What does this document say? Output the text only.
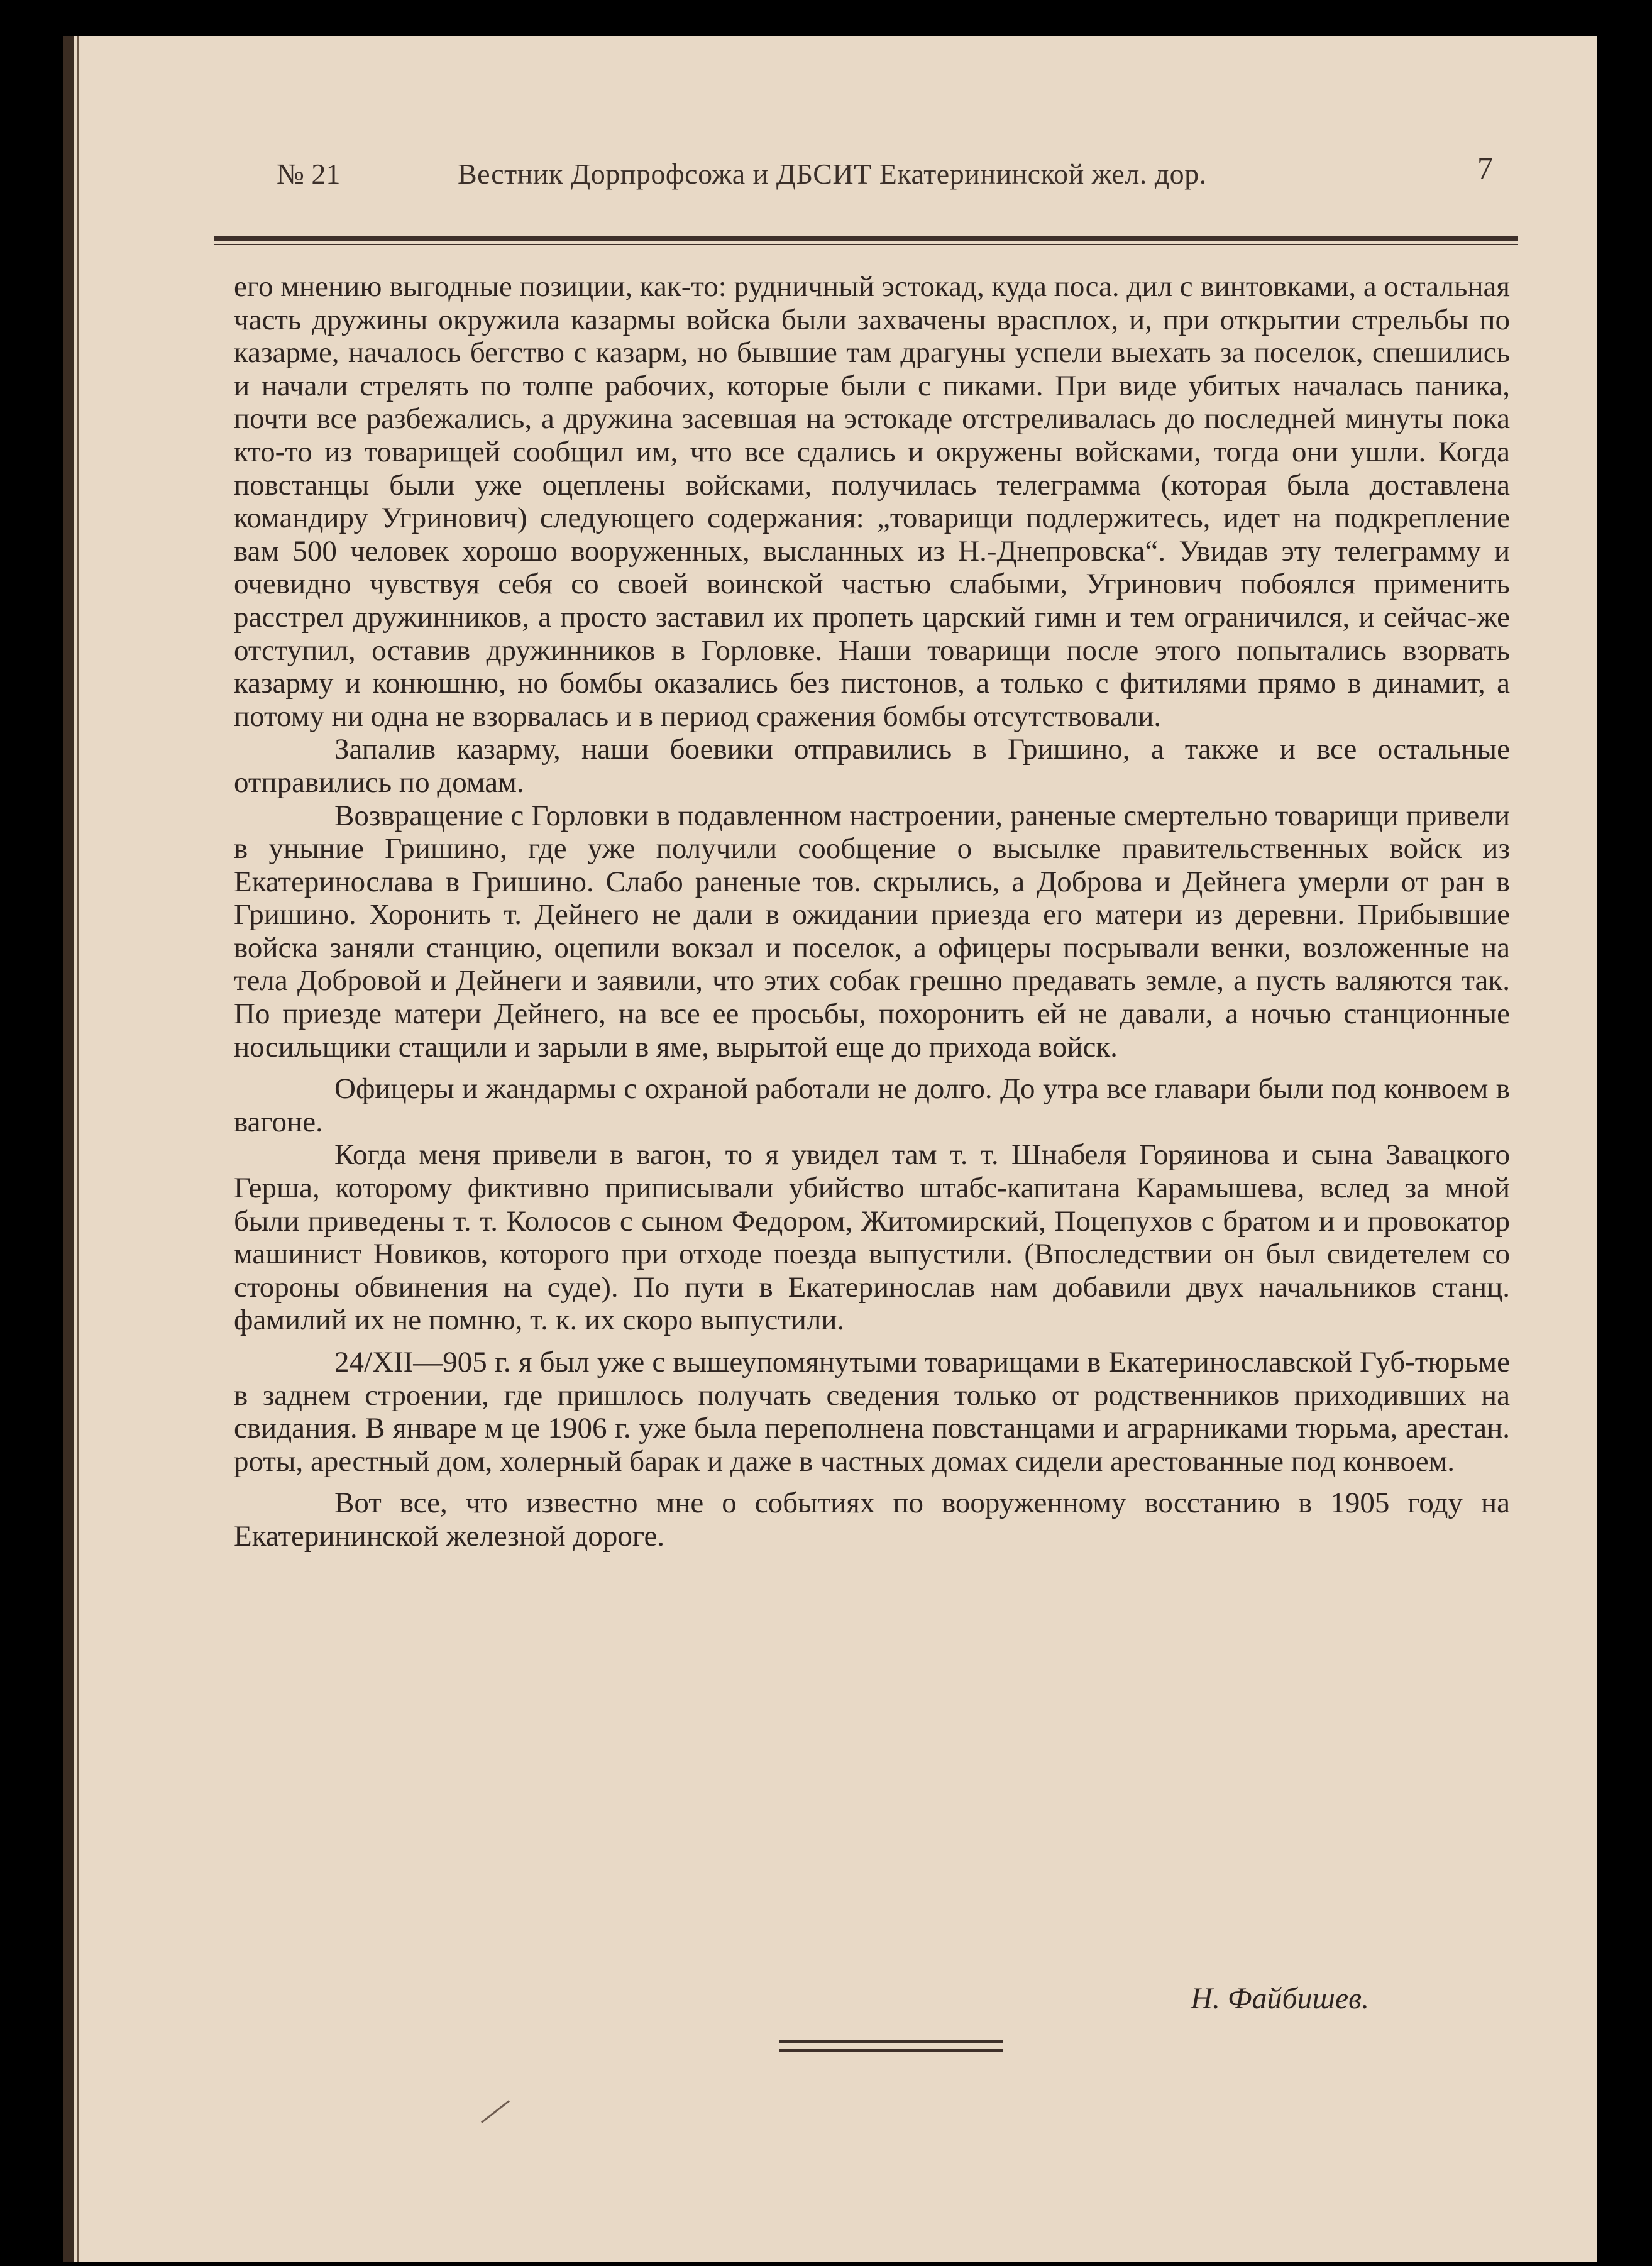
№ 21	Вестник Дорпрофсожа и ДБСИТ Екатерининской жел. дор.	7

его мнению выгодные позиции, как-то: рудничный эстокад, куда поса. дил с винтовками, а остальная часть дружины окружила казармы войска были захвачены врасплох, и, при открытии стрельбы по казарме, началось бегство с казарм, но бывшие там драгуны успели выехать за поселок, спешились и начали стрелять по толпе рабочих, которые были с пиками. При виде убитых началась паника, почти все разбежались, а дружина засевшая на эстокаде отстреливалась до последней минуты пока кто-то из товарищей сообщил им, что все сдались и окружены войсками, тогда они ушли. Когда повстанцы были уже оцеплены войсками, получилась телеграмма (которая была доставлена командиру Угринович) следующего содержания: „товарищи подлержитесь, идет на подкрепление вам 500 человек хорошо вооруженных, высланных из Н.-Днепровска“. Увидав эту телеграмму и очевидно чувствуя себя со своей воинской частью слабыми, Угринович побоялся применить расстрел дружинников, а просто заставил их пропеть царский гимн и тем ограничился, и сейчас-же отступил, оставив дружинников в Горловке. Наши товарищи после этого попытались взорвать казарму и конюшню, но бомбы оказались без пистонов, а только с фитилями прямо в динамит, а потому ни одна не взорвалась и в период сражения бомбы отсутствовали.

Запалив казарму, наши боевики отправились в Гришино, а также и все остальные отправились по домам.

Возвращение с Горловки в подавленном настроении, раненые смертельно товарищи привели в уныние Гришино, где уже получили сообщение о высылке правительственных войск из Екатеринослава в Гришино. Слабо раненые тов. скрылись, а Доброва и Дейнега умерли от ран в Гришино. Хоронить т. Дейнего не дали в ожидании приезда его матери из деревни. Прибывшие войска заняли станцию, оцепили вокзал и поселок, а офицеры посрывали венки, возложенные на тела Добровой и Дейнеги и заявили, что этих собак грешно предавать земле, а пусть валяются так. По приезде матери Дейнего, на все ее просьбы, похоронить ей не давали, а ночью станционные носильщики стащили и зарыли в яме, вырытой еще до прихода войск.

Офицеры и жандармы с охраной работали не долго. До утра все главари были под конвоем в вагоне.

Когда меня привели в вагон, то я увидел там т. т. Шнабеля Горяинова и сына Завацкого Герша, которому фиктивно приписывали убийство штабс-капитана Карамышева, вслед за мной были приведены т. т. Колосов с сыном Федором, Житомирский, Поцепухов с братом и и провокатор машинист Новиков, которого при отходе поезда выпустили. (Впоследствии он был свидетелем со стороны обвинения на суде). По пути в Екатеринослав нам добавили двух начальников станц. фамилий их не помню, т. к. их скоро выпустили.

24/XII—905 г. я был уже с вышеупомянутыми товарищами в Екатеринославской Губ-тюрьме в заднем строении, где пришлось получать сведения только от родственников приходивших на свидания. В январе м це 1906 г. уже была переполнена повстанцами и аграрниками тюрьма, арестан. роты, арестный дом, холерный барак и даже в частных домах сидели арестованные под конвоем.

Вот все, что известно мне о событиях по вооруженному восстанию в 1905 году на Екатерининской железной дороге.

Н. Файбишев.
